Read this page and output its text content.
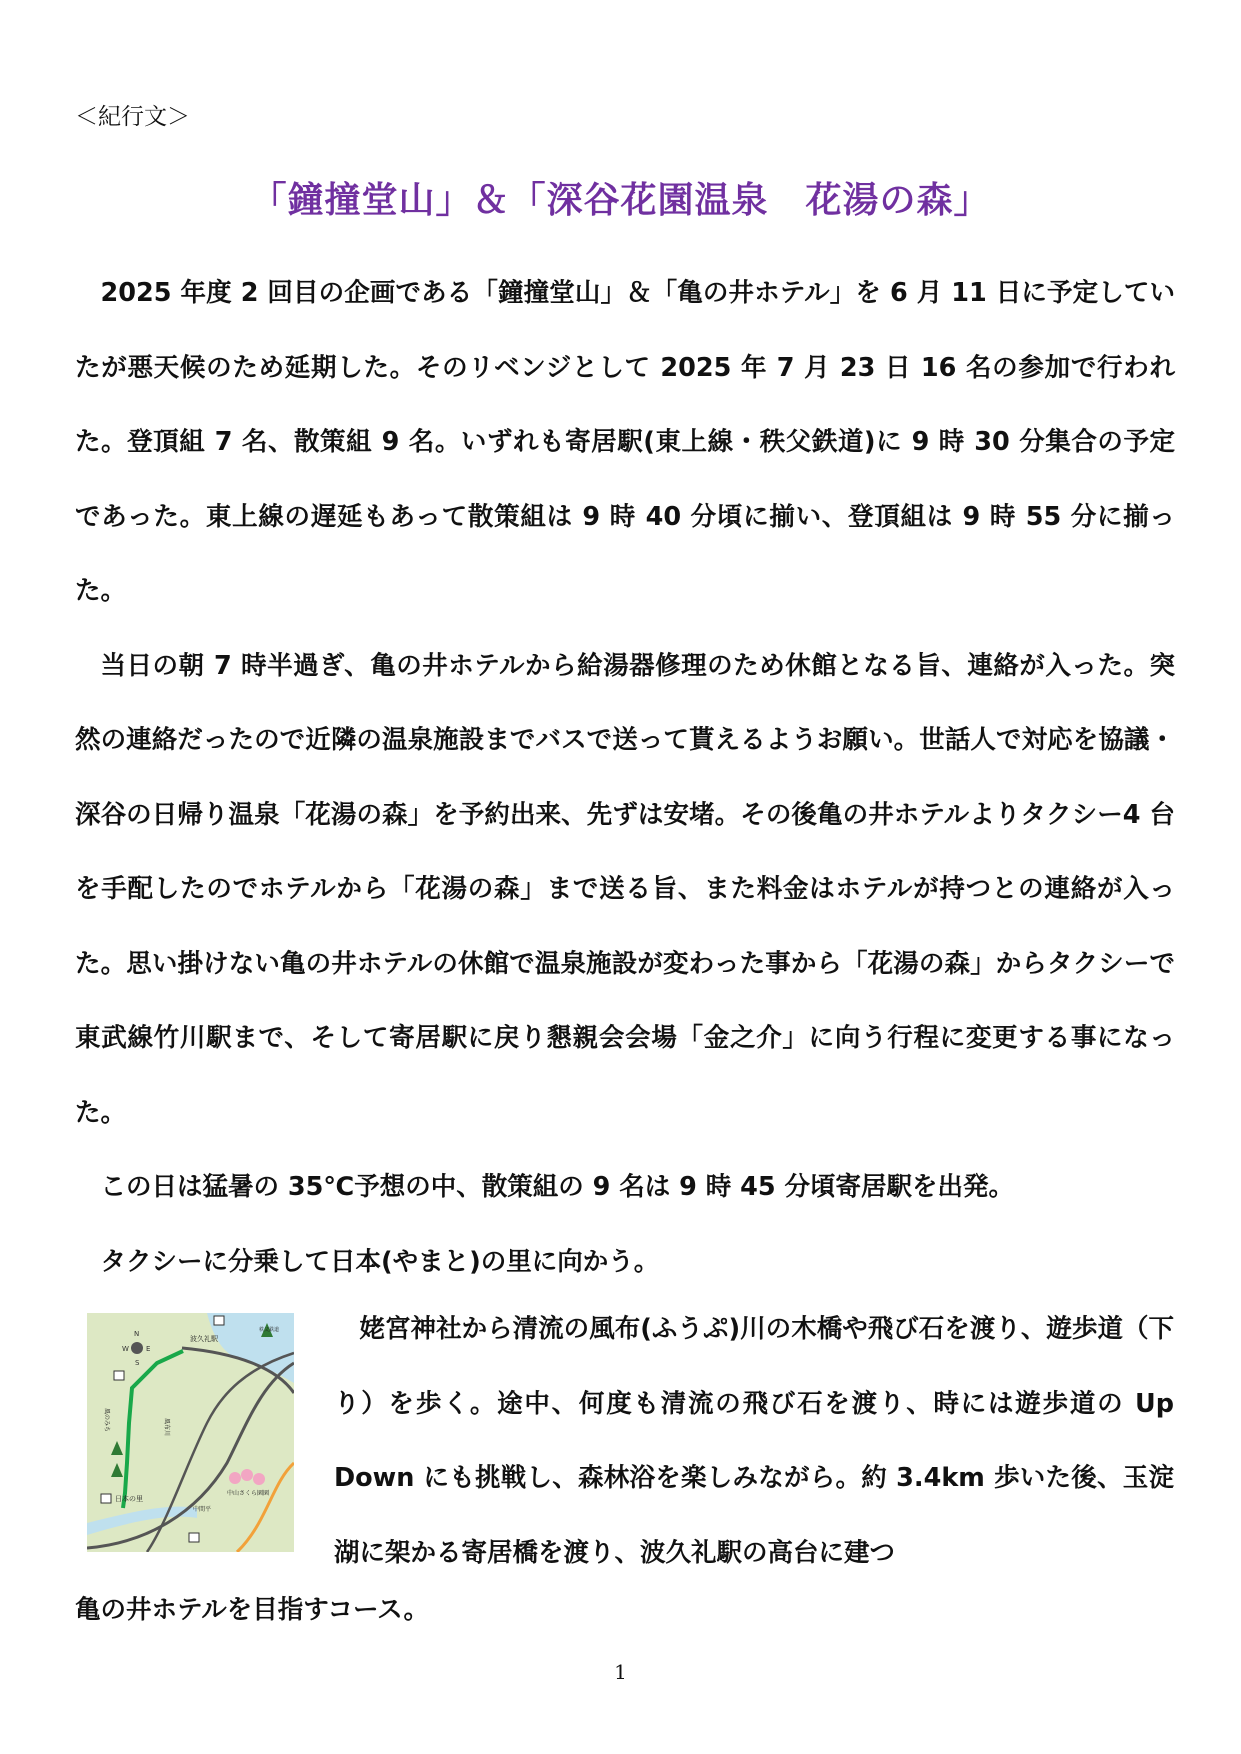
＜紀行文＞
「鐘撞堂山」＆「深谷花園温泉　花湯の森」

2025 年度 2 回目の企画である「鐘撞堂山」＆「亀の井ホテル」を 6 月 11 日に予定していたが悪天候のため延期した。そのリベンジとして 2025 年 7 月 23 日 16 名の参加で行われた。登頂組 7 名、散策組 9 名。いずれも寄居駅(東上線・秩父鉄道)に 9 時 30 分集合の予定であった。東上線の遅延もあって散策組は 9 時 40 分頃に揃い、登頂組は 9 時 55 分に揃った。

当日の朝 7 時半過ぎ、亀の井ホテルから給湯器修理のため休館となる旨、連絡が入った。突然の連絡だったので近隣の温泉施設までバスで送って貰えるようお願い。世話人で対応を協議・深谷の日帰り温泉「花湯の森」を予約出来、先ずは安堵。その後亀の井ホテルよりタクシー4 台を手配したのでホテルから「花湯の森」まで送る旨、また料金はホテルが持つとの連絡が入った。思い掛けない亀の井ホテルの休館で温泉施設が変わった事から「花湯の森」からタクシーで東武線竹川駅まで、そして寄居駅に戻り懇親会会場「金之介」に向う行程に変更する事になった。

この日は猛暑の 35℃予想の中、散策組の 9 名は 9 時 45 分頃寄居駅を出発。

タクシーに分乗して日本(やまと)の里に向かう。

N
S
W E
波久礼駅
秩父鉄道
風のみち	風布川
日本の里
中間平
中山さくら園園
姥宮神社から清流の風布(ふうぷ)川の木橋や飛び石を渡り、遊歩道（下り）を歩く。途中、何度も清流の飛び石を渡り、時には遊歩道の Up　Down にも挑戦し、森林浴を楽しみながら。約 3.4km 歩いた後、玉淀湖に架かる寄居橋を渡り、波久礼駅の高台に建つ
亀の井ホテルを目指すコース。
1
